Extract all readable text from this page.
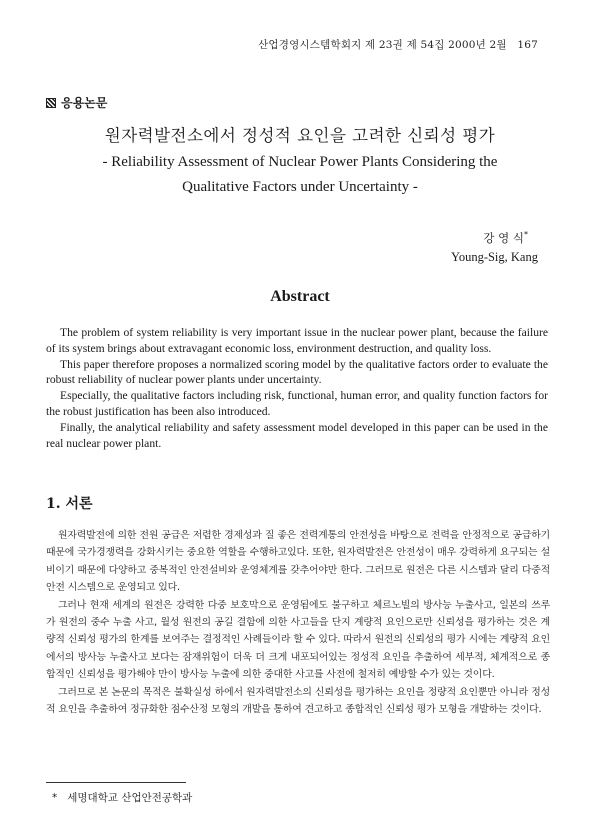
산업경영시스템학회지 제 23권 제 54집 2000년 2월 167
응용논문
원자력발전소에서 정성적 요인을 고려한 신뢰성 평가
- Reliability Assessment of Nuclear Power Plants Considering the
Qualitative Factors under Uncertainty -
강 영 식*
Young-Sig, Kang
Abstract

The problem of system reliability is very important issue in the nuclear power plant, because the failure of its system brings about extravagant economic loss, environment destruction, and quality loss.

This paper therefore proposes a normalized scoring model by the qualitative factors order to evaluate the robust reliability of nuclear power plants under uncertainty.

Especially, the qualitative factors including risk, functional, human error, and quality function factors for the robust justification has been also introduced.

Finally, the analytical reliability and safety assessment model developed in this paper can be used in the real nuclear power plant.

1. 서론

원자력발전에 의한 전원 공급은 저렴한 경제성과 질 좋은 전력계통의 안전성을 바탕으로 전력을 안정적으로 공급하기 때문에 국가경쟁력을 강화시키는 중요한 역할을 수행하고있다. 또한, 원자력발전은 안전성이 매우 강력하게 요구되는 설비이기 때문에 다양하고 중복적인 안전설비와 운영체계를 갖추어야만 한다. 그러므로 원전은 다른 시스템과 달리 다중적 안전 시스템으로 운영되고 있다.

그러나 현재 세계의 원전은 강력한 다중 보호막으로 운영됨에도 불구하고 체르노빌의 방사능 누출사고, 일본의 쓰루가 원전의 중수 누출 사고, 월성 원전의 공길 결함에 의한 사고들을 단지 계량적 요인으로만 신뢰성을 평가하는 것은 계량적 신뢰성 평가의 한계를 보여주는 결정적인 사례들이라 할 수 있다. 따라서 원전의 신뢰성의 평가 시에는 계량적 요인에서의 방사능 누출사고 보다는 잠재위험이 더욱 더 크게 내포되어있는 정성적 요인을 추출하여 세부적, 체계적으로 종합적인 신뢰성을 평가해야 만이 방사능 누출에 의한 중대한 사고를 사전에 철저히 예방할 수가 있는 것이다.

그러므로 본 논문의 목적은 불확실성 하에서 원자력발전소의 신뢰성을 평가하는 요인을 정량적 요인뿐만 아니라 정성적 요인을 추출하여 정규화한 점수산정 모형의 개발을 통하여 견고하고 종합적인 신뢰성 평가 모형을 개발하는 것이다.

* 세명대학교 산업안전공학과
